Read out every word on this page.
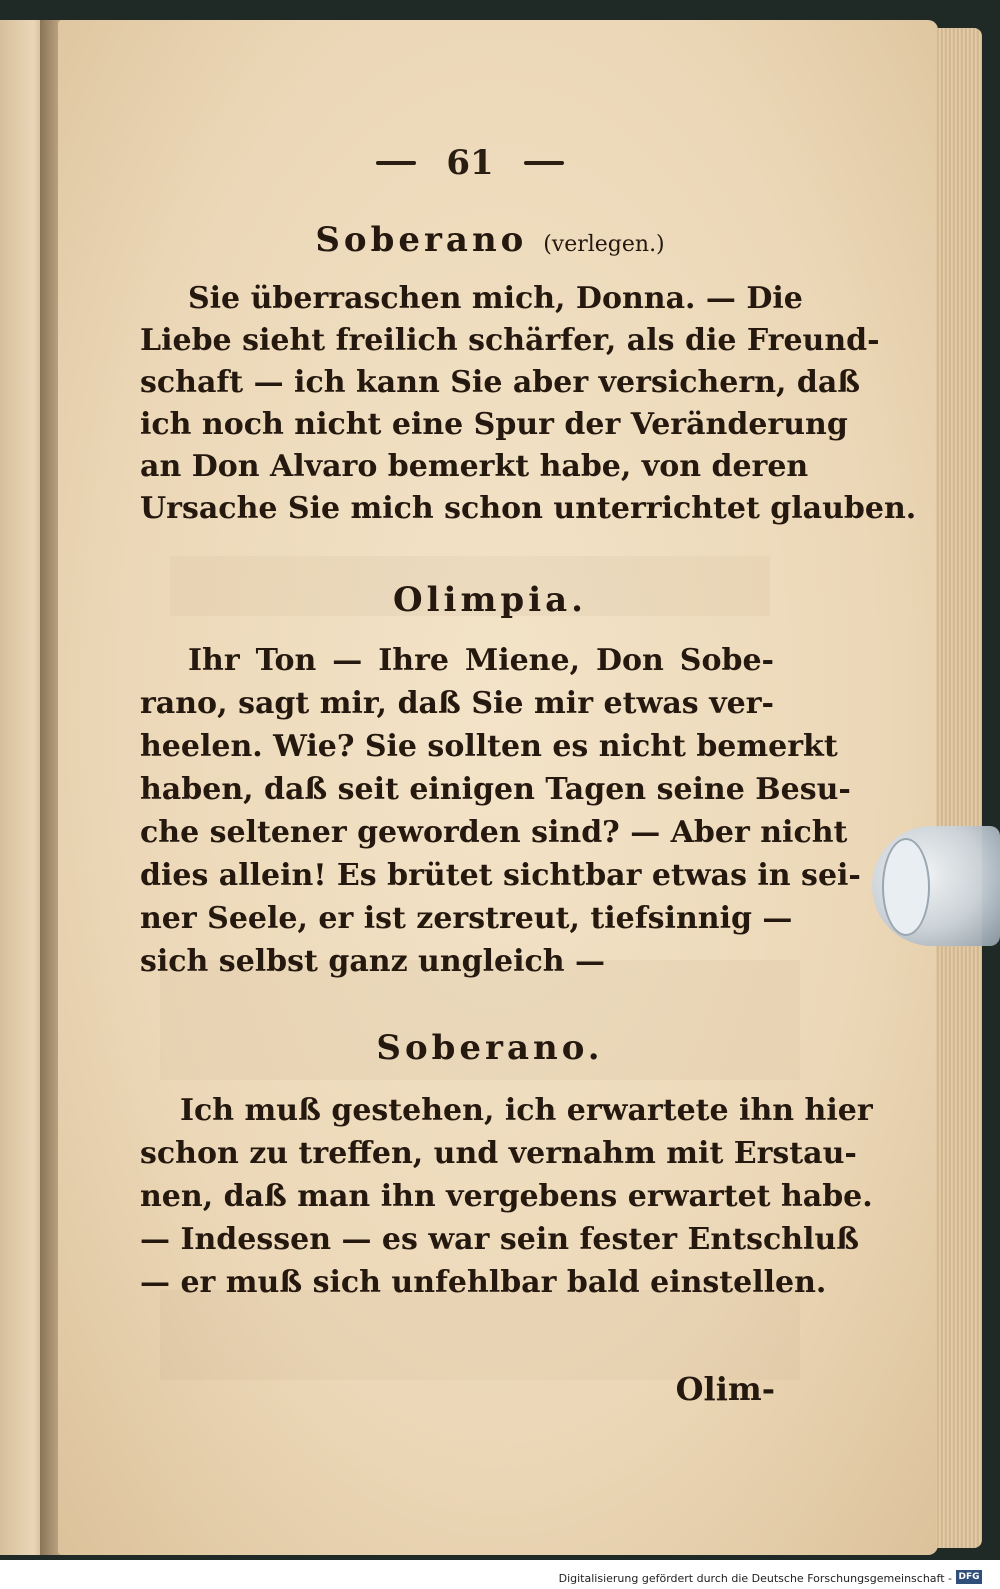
61
Soberano (verlegen.)
Sie überraschen mich, Donna. — Die
Liebe sieht freilich schärfer, als die Freund-
schaft — ich kann Sie aber versichern, daß
ich noch nicht eine Spur der Veränderung
an Don Alvaro bemerkt habe, von deren
Ursache Sie mich schon unterrichtet glauben.
Olimpia.
Ihr Ton — Ihre Miene, Don Sobe-
rano, sagt mir, daß Sie mir etwas ver-
heelen. Wie? Sie sollten es nicht bemerkt
haben, daß seit einigen Tagen seine Besu-
che seltener geworden sind? — Aber nicht
dies allein! Es brütet sichtbar etwas in sei-
ner Seele, er ist zerstreut, tiefsinnig —
sich selbst ganz ungleich —
Soberano.
Ich muß gestehen, ich erwartete ihn hier
schon zu treffen, und vernahm mit Erstau-
nen, daß man ihn vergebens erwartet habe.
— Indessen — es war sein fester Entschluß
— er muß sich unfehlbar bald einstellen.
Olim-
Digitalisierung gefördert durch die Deutsche Forschungsgemeinschaft - DFG
